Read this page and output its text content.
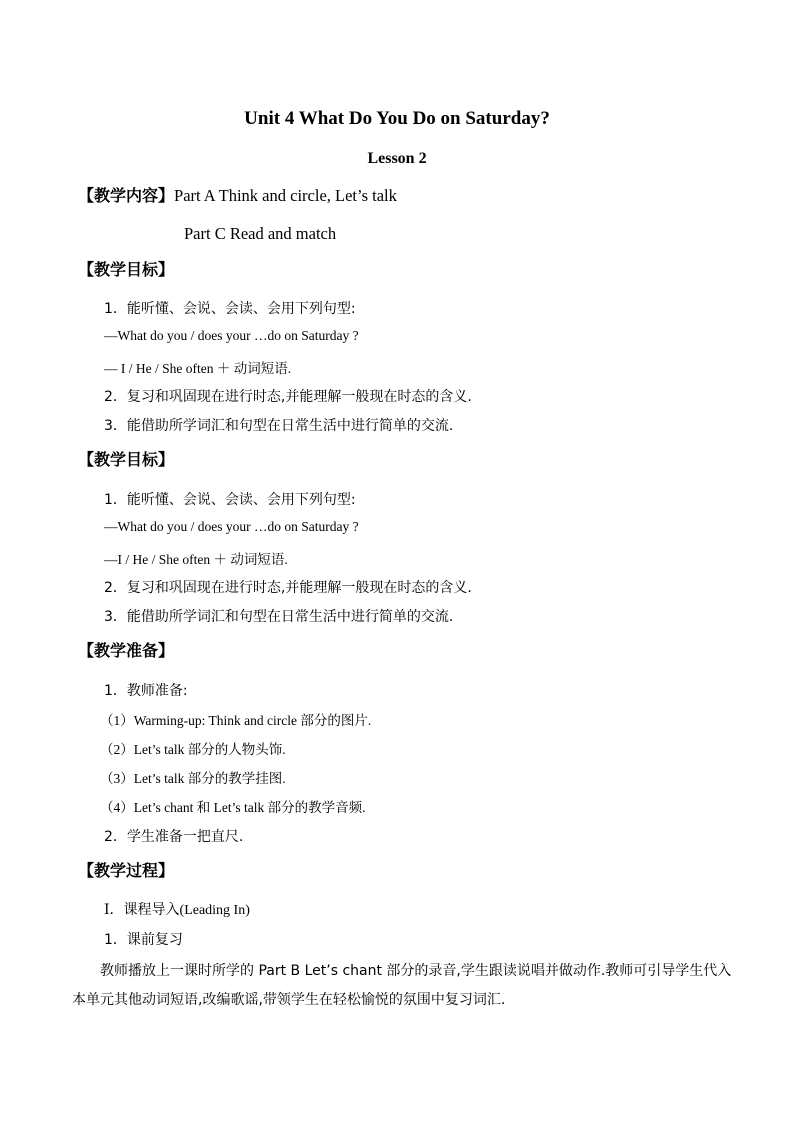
Unit 4 What Do You Do on Saturday?
Lesson 2
【教学内容】Part A Think and circle, Let’s talk
Part C Read and match
【教学目标】
1．能听懂、会说、会读、会用下列句型:
—What do you / does your …do on Saturday ?
— I / He / She often ＋ 动词短语.
2．复习和巩固现在进行时态,并能理解一般现在时态的含义.
3．能借助所学词汇和句型在日常生活中进行简单的交流.
【教学目标】
1．能听懂、会说、会读、会用下列句型:
—What do you / does your …do on Saturday ?
—I / He / She often ＋ 动词短语.
2．复习和巩固现在进行时态,并能理解一般现在时态的含义.
3．能借助所学词汇和句型在日常生活中进行简单的交流.
【教学准备】
1．教师准备:
（1）Warming-up: Think and circle 部分的图片.
（2）Let’s talk 部分的人物头饰.
（3）Let’s talk 部分的教学挂图.
（4）Let’s chant 和 Let’s talk 部分的教学音频.
2．学生准备一把直尺.
【教学过程】
Ⅰ．课程导入(Leading In)
1．课前复习
教师播放上一课时所学的 Part B Let’s chant 部分的录音,学生跟读说唱并做动作.教师可引导学生代入本单元其他动词短语,改编歌谣,带领学生在轻松愉悦的氛围中复习词汇.
